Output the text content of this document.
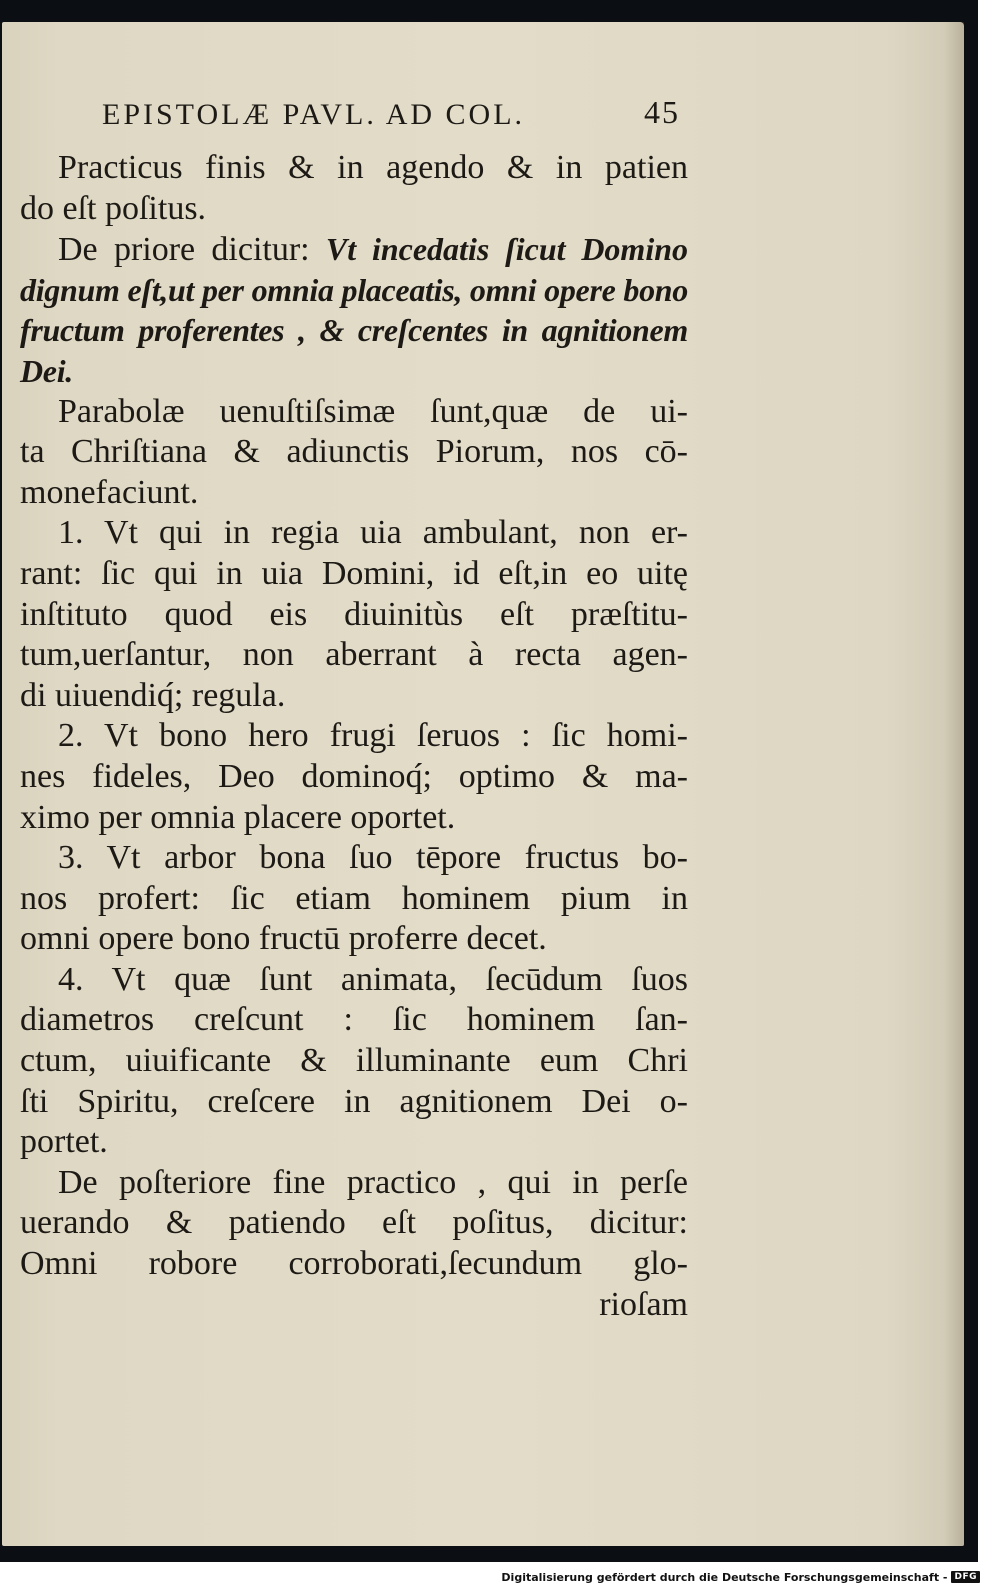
EPISTOLÆ PAVL. AD COL.	45
Practicus finis & in agendo & in patien
do eſt poſitus.
De priore dicitur: Vt incedatis ſicut Domino
dignum eſt,ut per omnia placeatis, omni opere bono
fructum proferentes , & creſcentes in agnitionem
Dei.
Parabolæ uenuſtiſsimæ ſunt,quæ de ui-
ta Chriſtiana & adiunctis Piorum, nos cō-
monefaciunt.
1. Vt qui in regia uia ambulant, non er-
rant: ſic qui in uia Domini, id eſt,in eo uitę
inſtituto quod eis diuinitùs eſt præſtitu-
tum,uerſantur, non aberrant à recta agen-
di uiuendiq́; regula.
2. Vt bono hero frugi ſeruos : ſic homi-
nes fideles, Deo dominoq́; optimo & ma-
ximo per omnia placere oportet.
3. Vt arbor bona ſuo tēpore fructus bo-
nos profert: ſic etiam hominem pium in
omni opere bono fructū proferre decet.
4. Vt quæ ſunt animata, ſecūdum ſuos
diametros creſcunt : ſic hominem ſan-
ctum, uiuificante & illuminante eum Chri
ſti Spiritu, creſcere in agnitionem Dei o-
portet.
De poſteriore fine practico , qui in perſe
uerando & patiendo eſt poſitus, dicitur:
Omni robore corroborati,ſecundum glo-
rioſam
Digitalisierung gefördert durch die Deutsche Forschungsgemeinschaft - DFG
